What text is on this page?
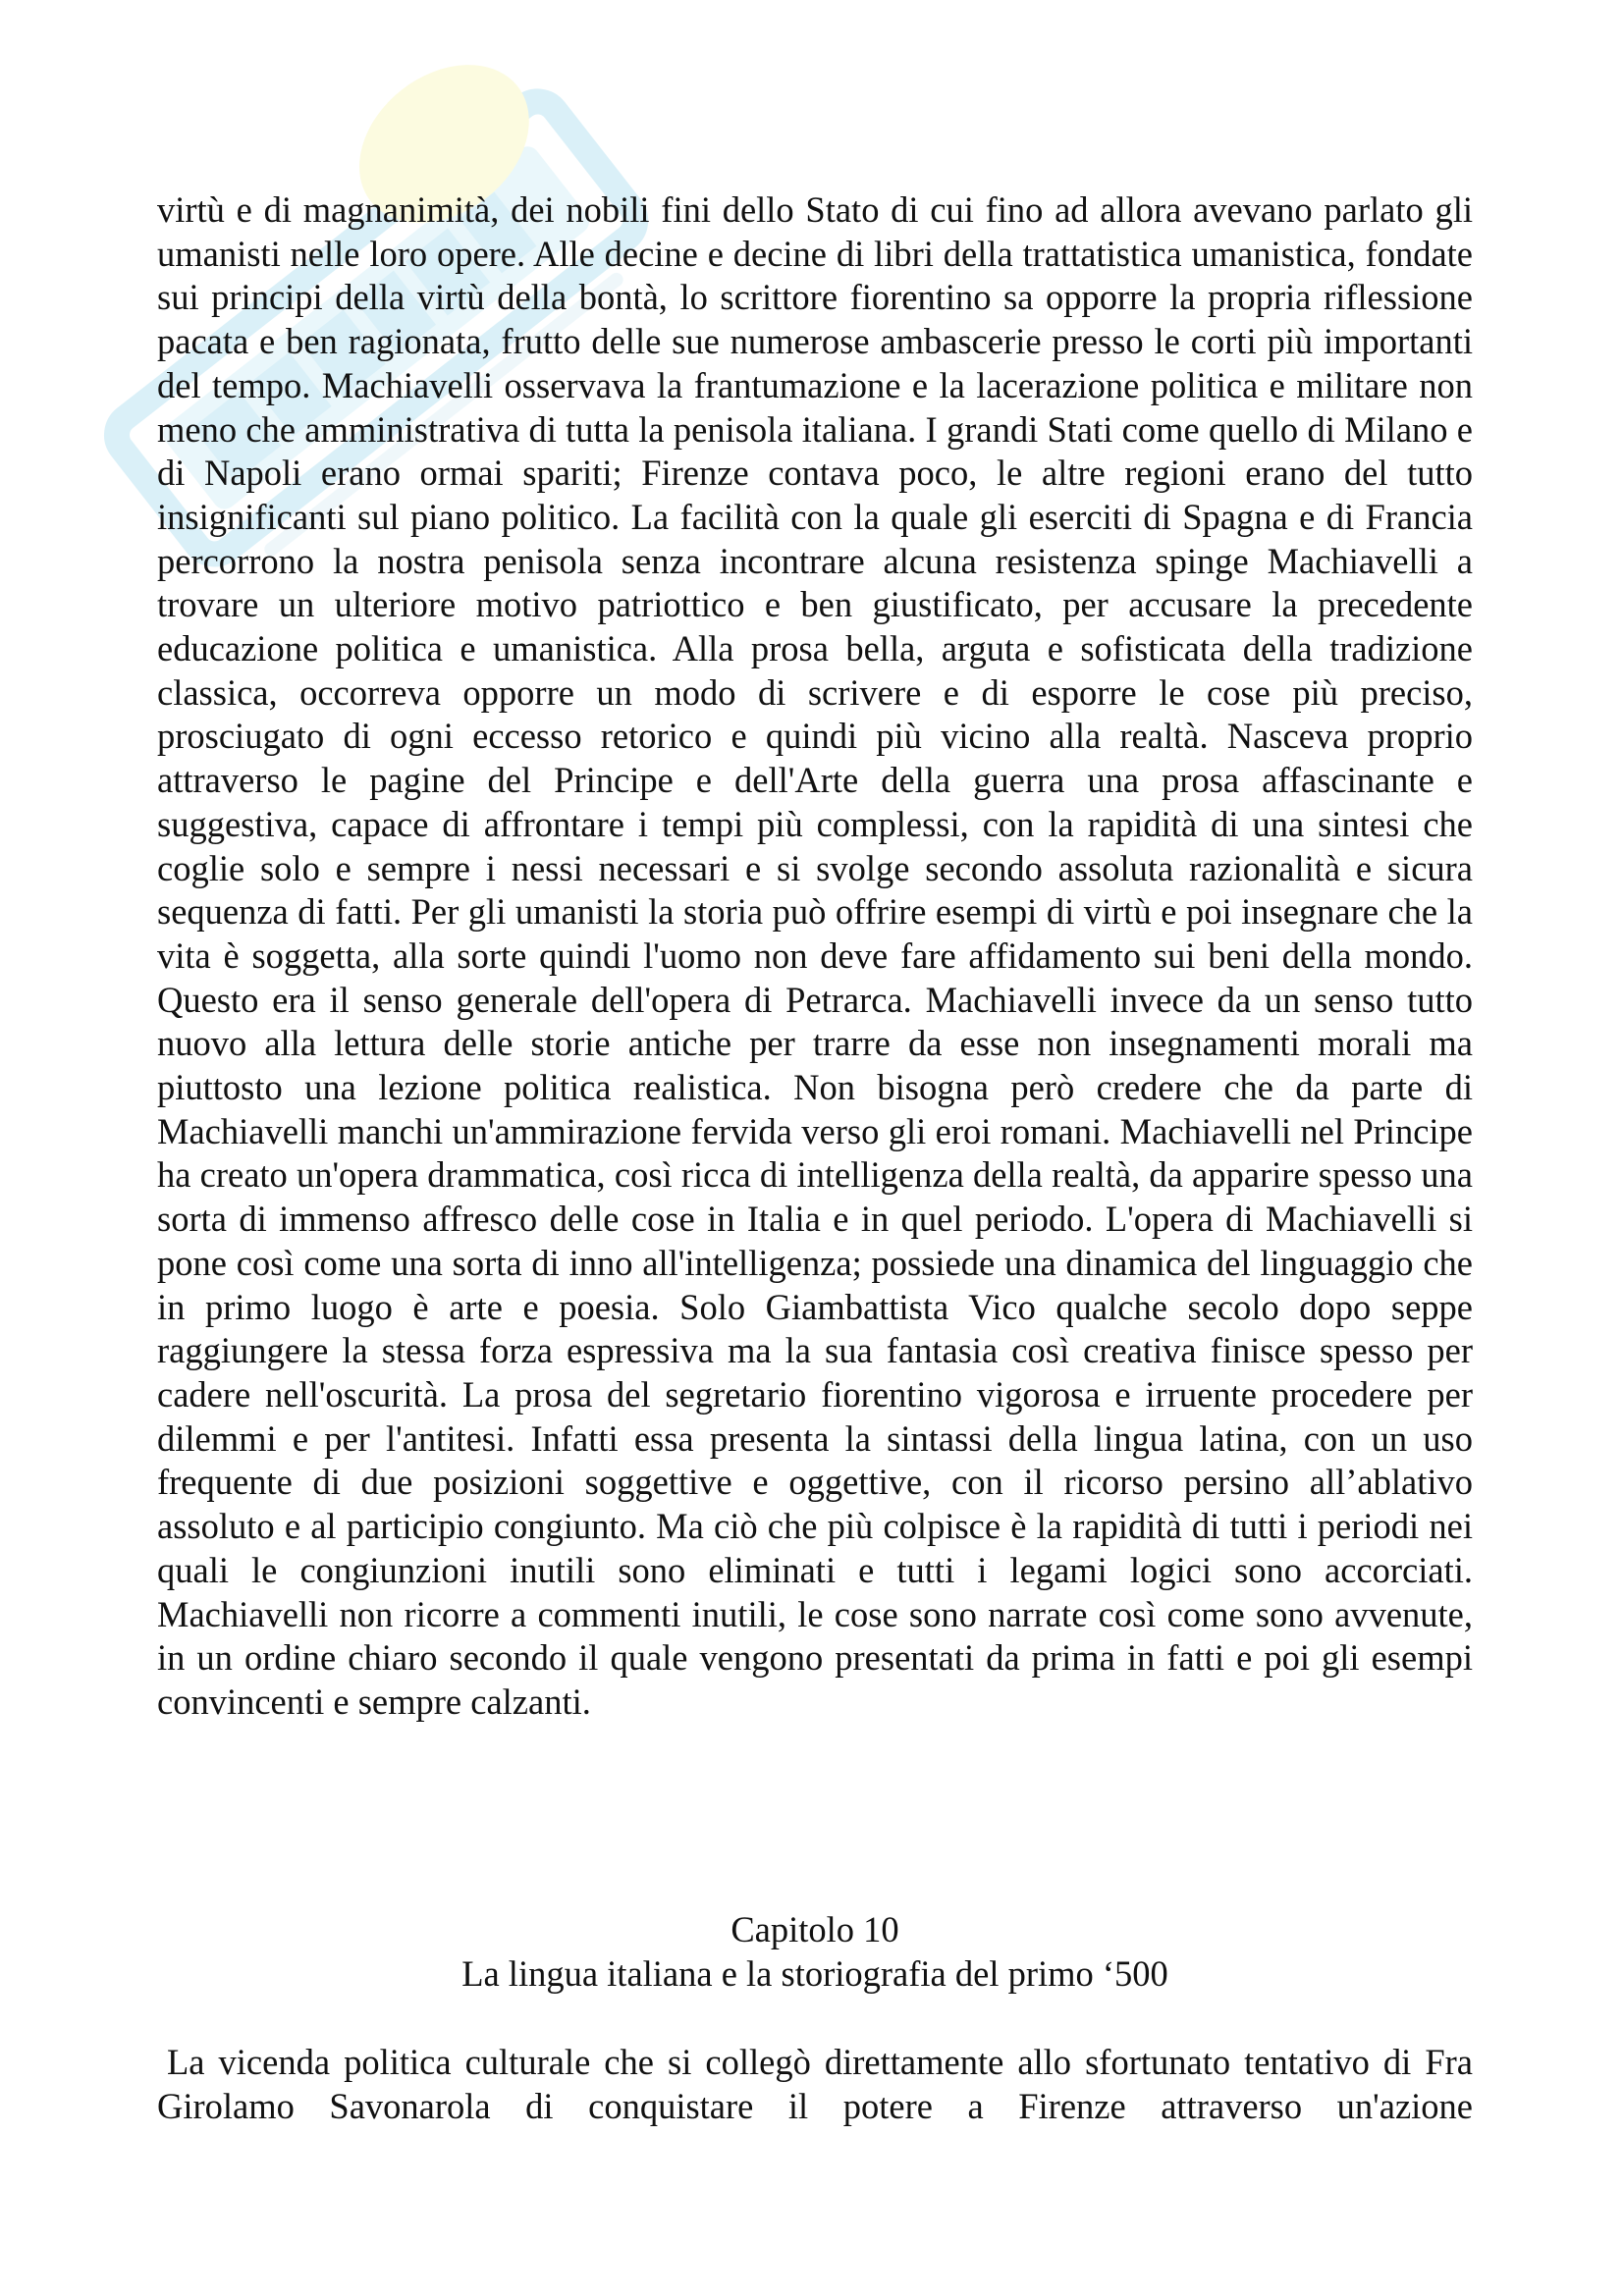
virtù e di magnanimità, dei nobili fini dello Stato di cui fino ad allora avevano parlato gli umanisti nelle loro opere. Alle decine e decine di libri della trattatistica umanistica, fondate sui principi della virtù della bontà, lo scrittore fiorentino sa opporre la propria riflessione pacata e ben ragionata, frutto delle sue numerose ambascerie presso le corti più importanti del tempo. Machiavelli osservava la frantumazione e la lacerazione politica e militare non meno che amministrativa di tutta la penisola italiana. I grandi Stati come quello di Milano e di Napoli erano ormai spariti; Firenze contava poco, le altre regioni erano del tutto insignificanti sul piano politico. La facilità con la quale gli eserciti di Spagna e di Francia percorrono la nostra penisola senza incontrare alcuna resistenza spinge Machiavelli a trovare un ulteriore motivo patriottico e ben giustificato, per accusare la precedente educazione politica e umanistica. Alla prosa bella, arguta e sofisticata della tradizione classica, occorreva opporre un modo di scrivere e di esporre le cose più preciso, prosciugato di ogni eccesso retorico e quindi più vicino alla realtà. Nasceva proprio attraverso le pagine del Principe e dell'Arte della guerra una prosa affascinante e suggestiva, capace di affrontare i tempi più complessi, con la rapidità di una sintesi che coglie solo e sempre i nessi necessari e si svolge secondo assoluta razionalità e sicura sequenza di fatti. Per gli umanisti la storia può offrire esempi di virtù e poi insegnare che la vita è soggetta, alla sorte quindi l'uomo non deve fare affidamento sui beni della mondo. Questo era il senso generale dell'opera di Petrarca. Machiavelli invece da un senso tutto nuovo alla lettura delle storie antiche per trarre da esse non insegnamenti morali ma piuttosto una lezione politica realistica. Non bisogna però credere che da parte di Machiavelli manchi un'ammirazione fervida verso gli eroi romani. Machiavelli nel Principe ha creato un'opera drammatica, così ricca di intelligenza della realtà, da apparire spesso una sorta di immenso affresco delle cose in Italia e in quel periodo. L'opera di Machiavelli si pone così come una sorta di inno all'intelligenza; possiede una dinamica del linguaggio che in primo luogo è arte e poesia. Solo Giambattista Vico qualche secolo dopo seppe raggiungere la stessa forza espressiva ma la sua fantasia così creativa finisce spesso per cadere nell'oscurità. La prosa del segretario fiorentino vigorosa e irruente procedere per dilemmi e per l'antitesi. Infatti essa presenta la sintassi della lingua latina, con un uso frequente di due posizioni soggettive e oggettive, con il ricorso persino all’ablativo assoluto e al participio congiunto. Ma ciò che più colpisce è la rapidità di tutti i periodi nei quali le congiunzioni inutili sono eliminati e tutti i legami logici sono accorciati. Machiavelli non ricorre a commenti inutili, le cose sono narrate così come sono avvenute, in un ordine chiaro secondo il quale vengono presentati da prima in fatti e poi gli esempi convincenti e sempre calzanti.

Capitolo 10
La lingua italiana e la storiografia del primo ‘500

La vicenda politica culturale che si collegò direttamente allo sfortunato tentativo di Fra Girolamo Savonarola di conquistare il potere a Firenze attraverso un'azione
